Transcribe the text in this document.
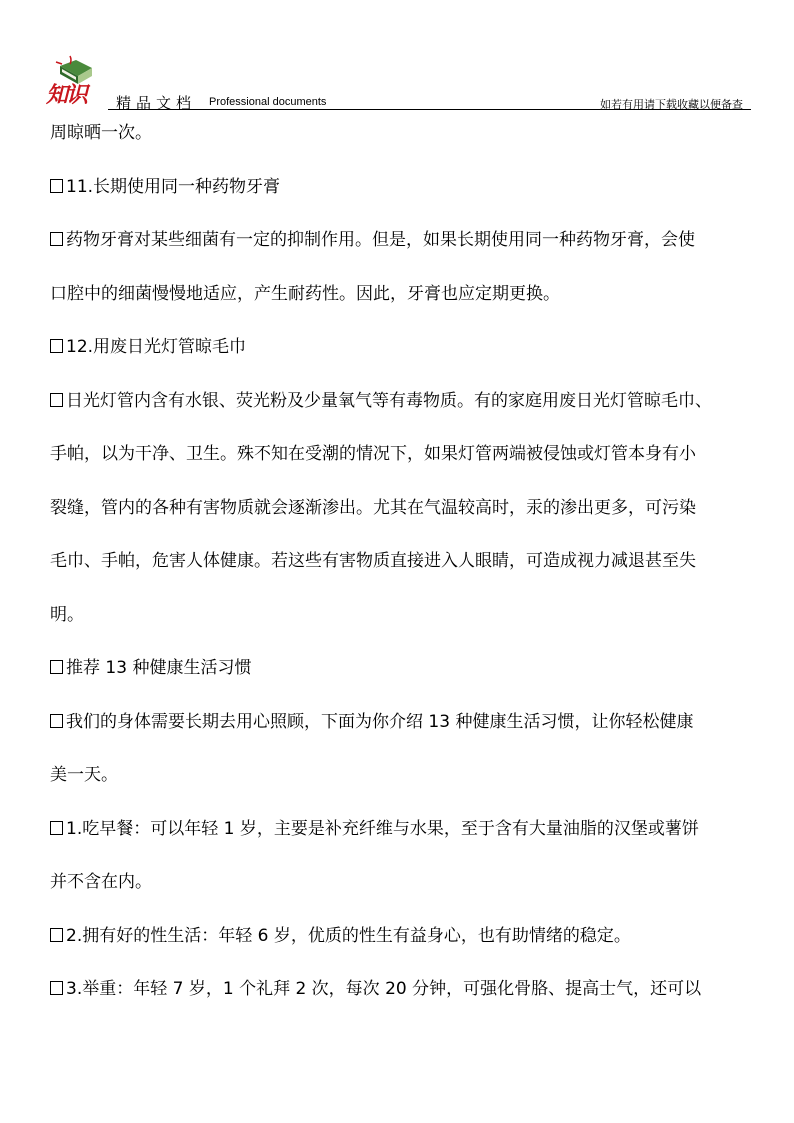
知识 精品文档 Professional documents	如若有用请下载收藏以便备查
周晾晒一次。
11.长期使用同一种药物牙膏
药物牙膏对某些细菌有一定的抑制作用。但是，如果长期使用同一种药物牙膏，会使
口腔中的细菌慢慢地适应，产生耐药性。因此，牙膏也应定期更换。
12.用废日光灯管晾毛巾
日光灯管内含有水银、荧光粉及少量氧气等有毒物质。有的家庭用废日光灯管晾毛巾、
手帕，以为干净、卫生。殊不知在受潮的情况下，如果灯管两端被侵蚀或灯管本身有小
裂缝，管内的各种有害物质就会逐渐渗出。尤其在气温较高时，汞的渗出更多，可污染
毛巾、手帕，危害人体健康。若这些有害物质直接进入人眼睛，可造成视力减退甚至失
明。
推荐 13 种健康生活习惯
我们的身体需要长期去用心照顾，下面为你介绍 13 种健康生活习惯，让你轻松健康
美一天。
1.吃早餐：可以年轻 1 岁，主要是补充纤维与水果，至于含有大量油脂的汉堡或薯饼
并不含在内。
2.拥有好的性生活：年轻 6 岁，优质的性生有益身心，也有助情绪的稳定。
3.举重：年轻 7 岁，1 个礼拜 2 次，每次 20 分钟，可强化骨胳、提高士气，还可以
